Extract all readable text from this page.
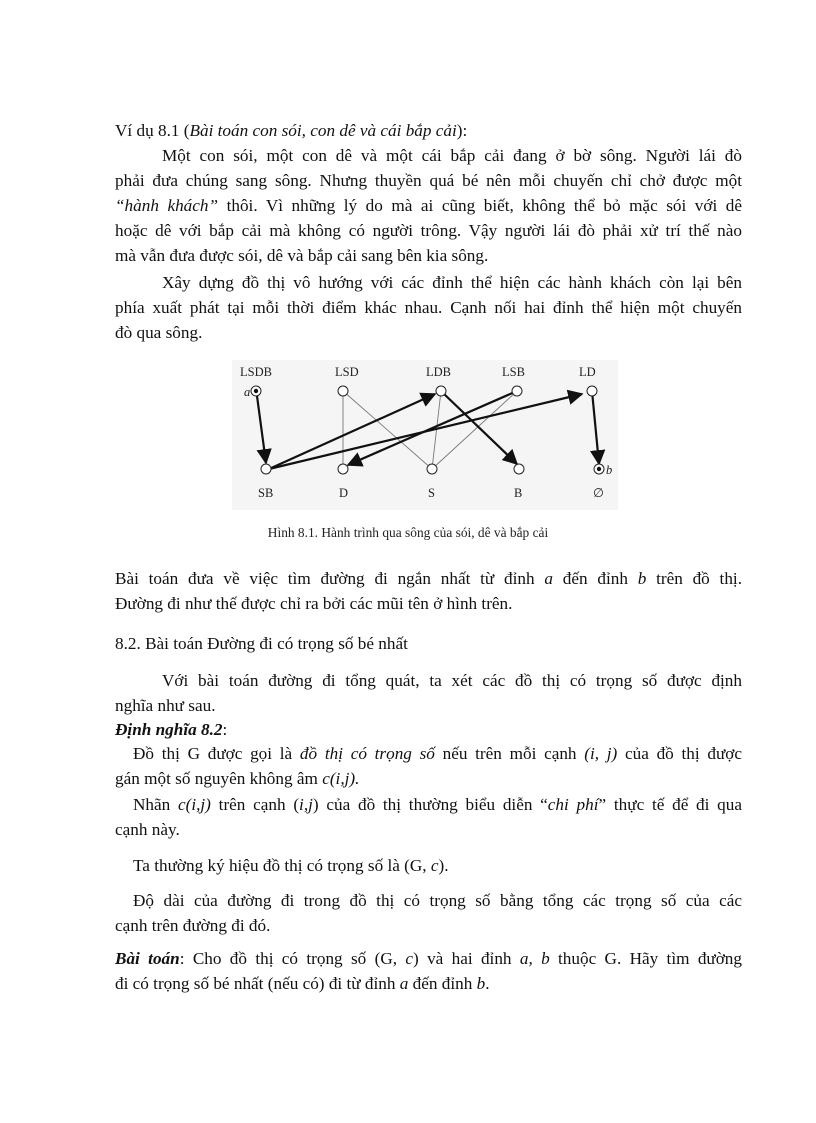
Ví dụ 8.1 (Bài toán con sói, con dê và cái bắp cải):

Một con sói, một con dê và một cái bắp cải đang ở bờ sông. Người lái đò

phải đưa chúng sang sông. Nhưng thuyền quá bé nên mỗi chuyến chỉ chở được một

“hành khách” thôi. Vì những lý do mà ai cũng biết, không thể bỏ mặc sói với dê

hoặc dê với bắp cải mà không có người trông. Vậy người lái đò phải xử trí thế nào

mà vẫn đưa được sói, dê và bắp cải sang bên kia sông.

Xây dựng đồ thị vô hướng với các đỉnh thể hiện các hành khách còn lại bên

phía xuất phát tại mỗi thời điểm khác nhau. Cạnh nối hai đỉnh thể hiện một chuyến

đò qua sông.

Bài toán đưa về việc tìm đường đi ngắn nhất từ đỉnh a đến đỉnh b trên đồ thị.

Đường đi như thế được chỉ ra bởi các mũi tên ở hình trên.

8.2. Bài toán Đường đi có trọng số bé nhất

Với bài toán đường đi tổng quát, ta xét các đồ thị có trọng số được định

nghĩa như sau.

Định nghĩa 8.2:

Đồ thị G được gọi là đồ thị có trọng số nếu trên mỗi cạnh (i, j) của đồ thị được

gán một số nguyên không âm c(i,j).

Nhãn c(i,j) trên cạnh (i,j) của đồ thị thường biểu diễn “chi phí” thực tế để đi qua

cạnh này.

Ta thường ký hiệu đồ thị có trọng số là (G, c).

Độ dài của đường đi trong đồ thị có trọng số bằng tổng các trọng số của các

cạnh trên đường đi đó.

Bài toán: Cho đồ thị có trọng số (G, c) và hai đỉnh a, b thuộc G. Hãy tìm đường

đi có trọng số bé nhất (nếu có) đi từ đỉnh a đến đỉnh b.

LSDB	LSD	LDB	LSB	LD
SB	D	S	B	∅
a
b
Hình 8.1. Hành trình qua sông của sói, dê và bắp cải
